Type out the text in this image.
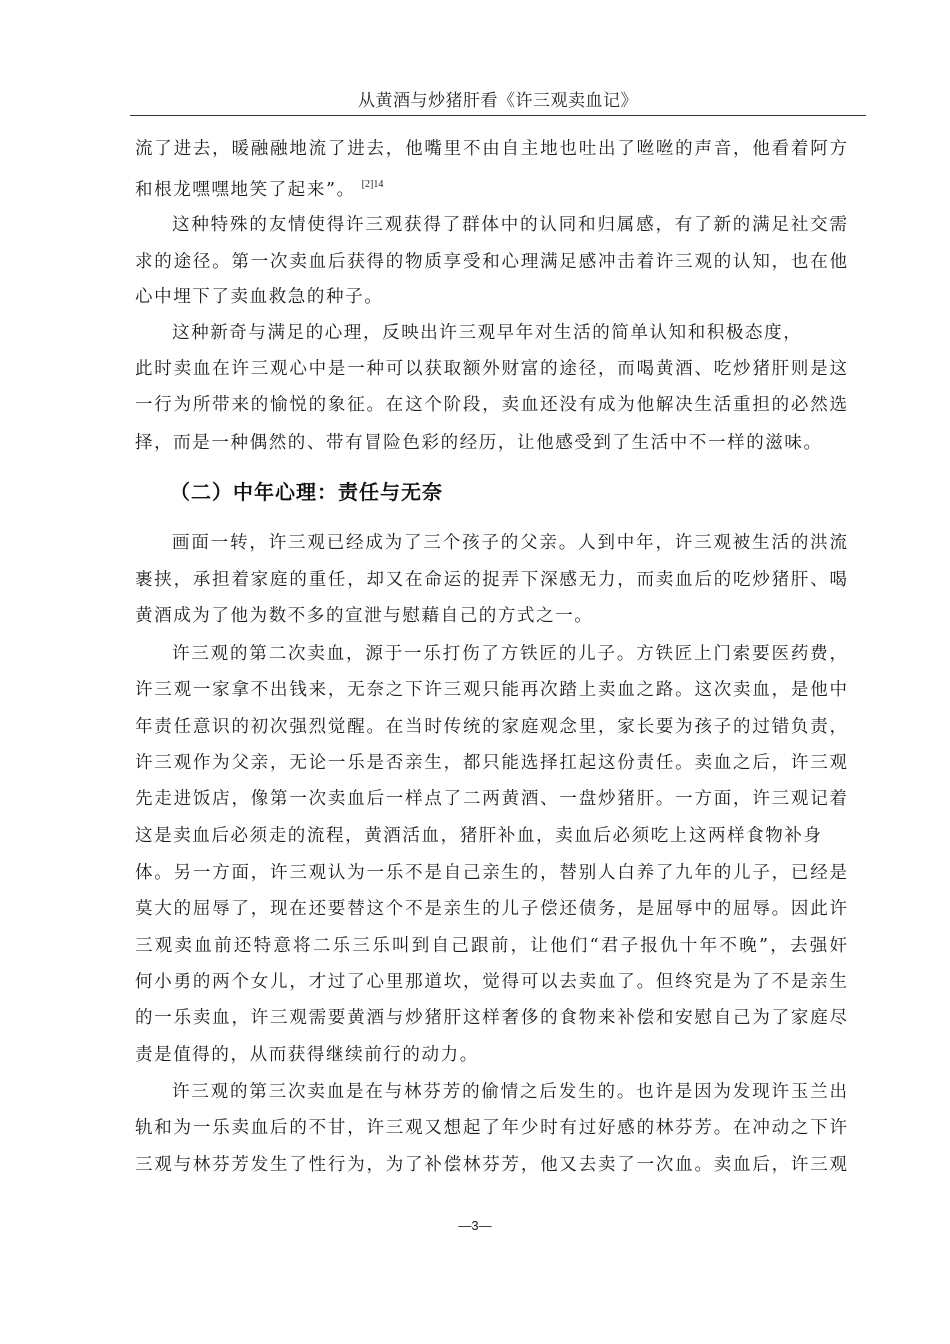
从黄酒与炒猪肝看《许三观卖血记》
流了进去，暖融融地流了进去，他嘴里不由自主地也吐出了咝咝的声音，他看着阿方
和根龙嘿嘿地笑了起来”。 $^{[2]14}$
这种特殊的友情使得许三观获得了群体中的认同和归属感，有了新的满足社交需
求的途径。第一次卖血后获得的物质享受和心理满足感冲击着许三观的认知，也在他
心中埋下了卖血救急的种子。
这种新奇与满足的心理，反映出许三观早年对生活的简单认知和积极态度，
此时卖血在许三观心中是一种可以获取额外财富的途径，而喝黄酒、吃炒猪肝则是这
一行为所带来的愉悦的象征。在这个阶段，卖血还没有成为他解决生活重担的必然选
择，而是一种偶然的、带有冒险色彩的经历，让他感受到了生活中不一样的滋味。
画面一转，许三观已经成为了三个孩子的父亲。人到中年，许三观被生活的洪流
裹挟，承担着家庭的重任，却又在命运的捉弄下深感无力，而卖血后的吃炒猪肝、喝
黄酒成为了他为数不多的宣泄与慰藉自己的方式之一。
许三观的第二次卖血，源于一乐打伤了方铁匠的儿子。方铁匠上门索要医药费，
许三观一家拿不出钱来，无奈之下许三观只能再次踏上卖血之路。这次卖血，是他中
年责任意识的初次强烈觉醒。在当时传统的家庭观念里，家长要为孩子的过错负责，
许三观作为父亲，无论一乐是否亲生，都只能选择扛起这份责任。卖血之后，许三观
先走进饭店，像第一次卖血后一样点了二两黄酒、一盘炒猪肝。一方面，许三观记着
这是卖血后必须走的流程，黄酒活血，猪肝补血，卖血后必须吃上这两样食物补身
体。另一方面，许三观认为一乐不是自己亲生的，替别人白养了九年的儿子，已经是
莫大的屈辱了，现在还要替这个不是亲生的儿子偿还债务，是屈辱中的屈辱。因此许
三观卖血前还特意将二乐三乐叫到自己跟前，让他们“君子报仇十年不晚”，去强奸
何小勇的两个女儿，才过了心里那道坎，觉得可以去卖血了。但终究是为了不是亲生
的一乐卖血，许三观需要黄酒与炒猪肝这样奢侈的食物来补偿和安慰自己为了家庭尽
责是值得的，从而获得继续前行的动力。
许三观的第三次卖血是在与林芬芳的偷情之后发生的。也许是因为发现许玉兰出
轨和为一乐卖血后的不甘，许三观又想起了年少时有过好感的林芬芳。在冲动之下许
三观与林芬芳发生了性行为，为了补偿林芬芳，他又去卖了一次血。卖血后，许三观
（二）中年心理：责任与无奈
—3—
